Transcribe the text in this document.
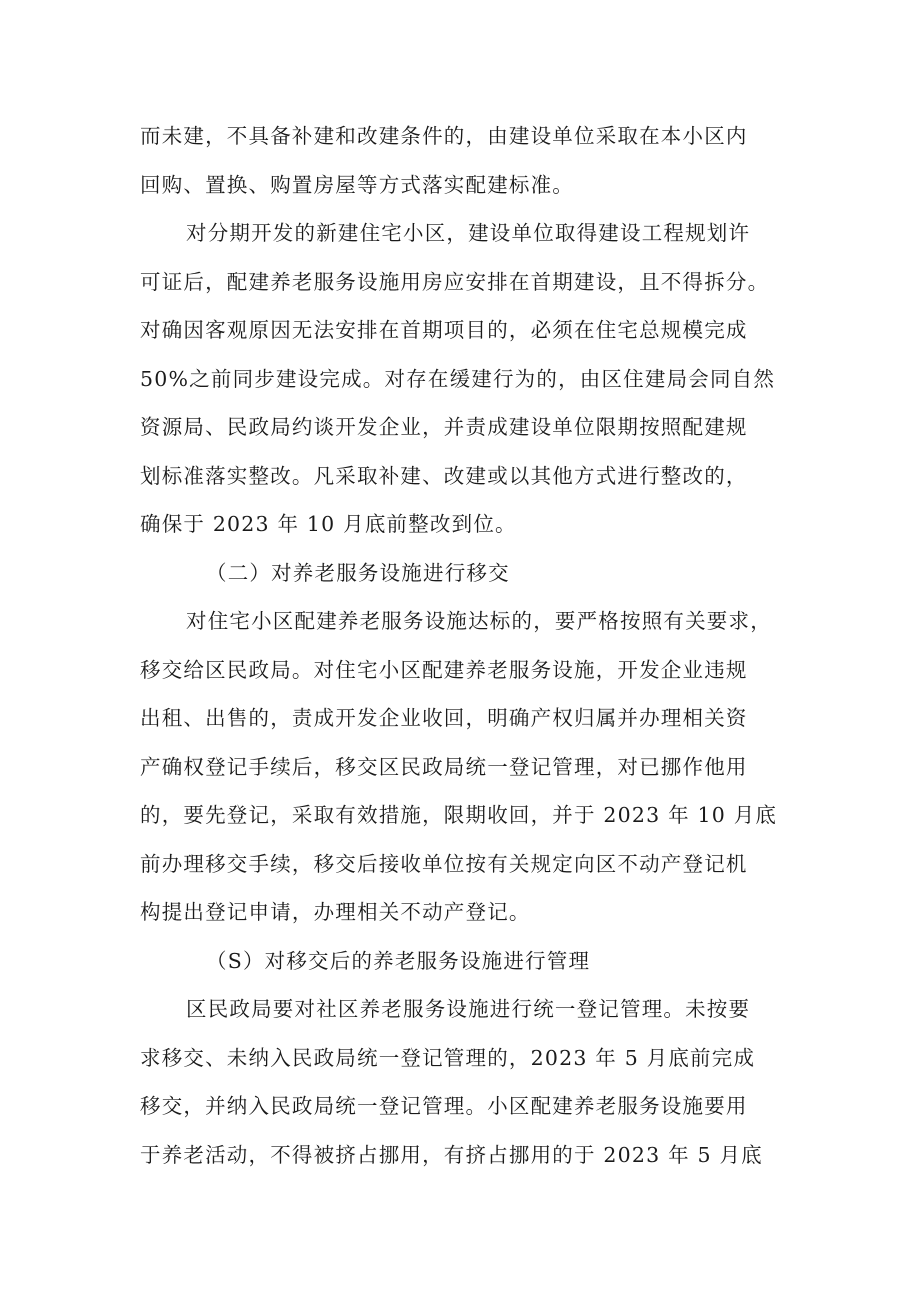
而未建，不具备补建和改建条件的，由建设单位采取在本小区内
回购、置换、购置房屋等方式落实配建标准。
对分期开发的新建住宅小区，建设单位取得建设工程规划许
可证后，配建养老服务设施用房应安排在首期建设，且不得拆分。
对确因客观原因无法安排在首期项目的，必须在住宅总规模完成
50%之前同步建设完成。对存在缓建行为的，由区住建局会同自然
资源局、民政局约谈开发企业，并责成建设单位限期按照配建规
划标准落实整改。凡采取补建、改建或以其他方式进行整改的，
确保于 2023 年 10 月底前整改到位。
（二）对养老服务设施进行移交
对住宅小区配建养老服务设施达标的，要严格按照有关要求，
移交给区民政局。对住宅小区配建养老服务设施，开发企业违规
出租、出售的，责成开发企业收回，明确产权归属并办理相关资
产确权登记手续后，移交区民政局统一登记管理，对已挪作他用
的，要先登记，采取有效措施，限期收回，并于 2023 年 10 月底
前办理移交手续，移交后接收单位按有关规定向区不动产登记机
构提出登记申请，办理相关不动产登记。
（S）对移交后的养老服务设施进行管理
区民政局要对社区养老服务设施进行统一登记管理。未按要
求移交、未纳入民政局统一登记管理的，2023 年 5 月底前完成
移交，并纳入民政局统一登记管理。小区配建养老服务设施要用
于养老活动，不得被挤占挪用，有挤占挪用的于 2023 年 5 月底
